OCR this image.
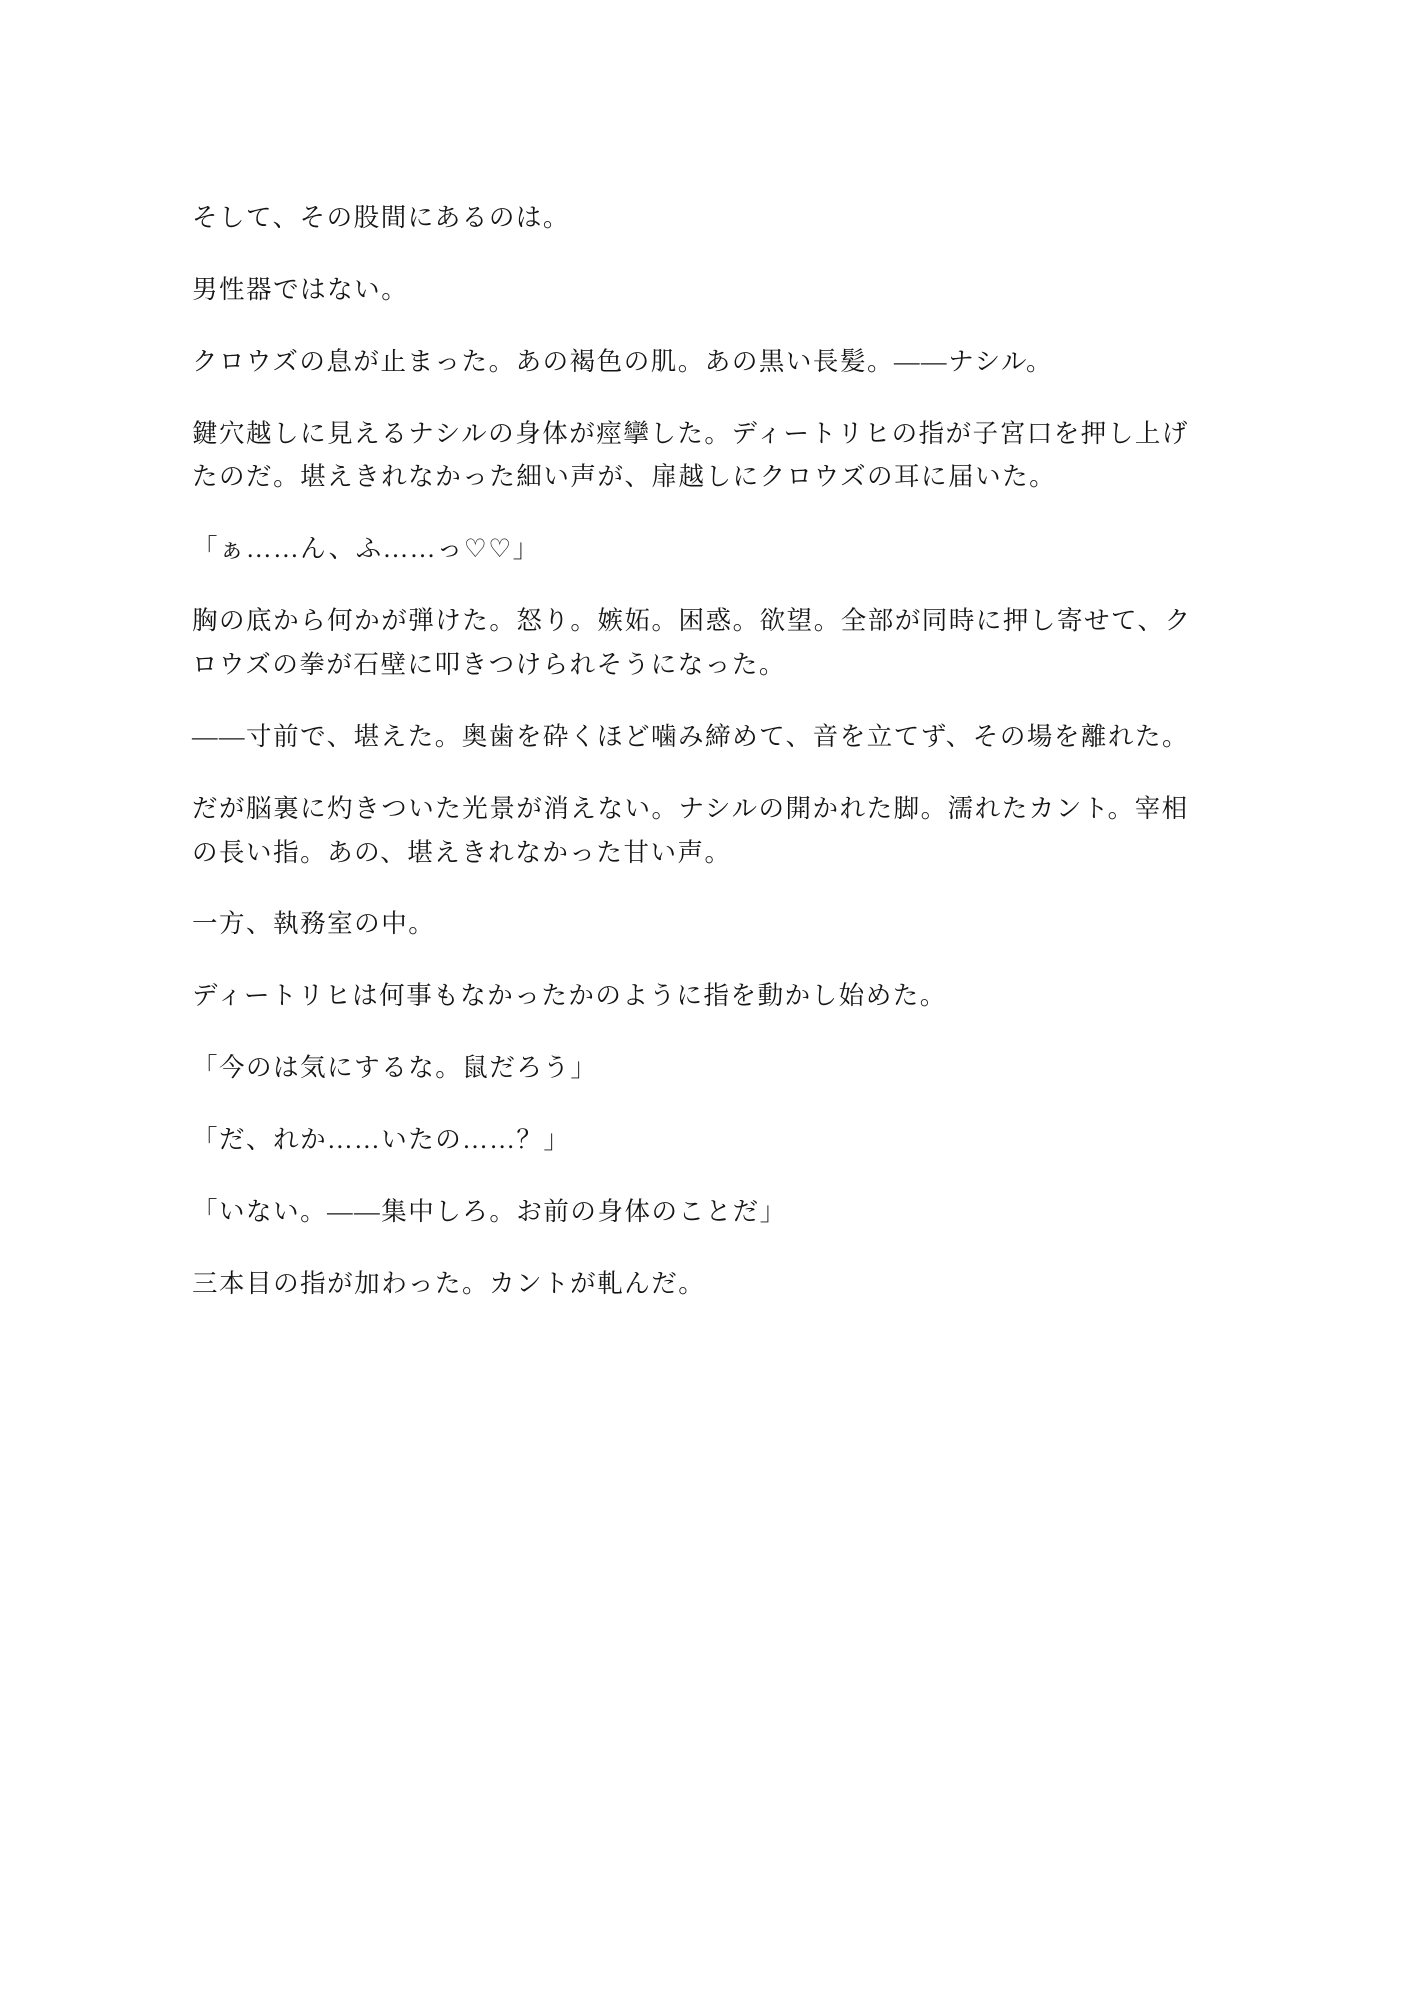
そして、その股間にあるのは。

男性器ではない。

クロウズの息が止まった。あの褐色の肌。あの黒い長髪。——ナシル。

鍵穴越しに見えるナシルの身体が痙攣した。ディートリヒの指が子宮口を押し上げたのだ。堪えきれなかった細い声が、扉越しにクロウズの耳に届いた。

「ぁ……ん、ふ……っ♡♡」

胸の底から何かが弾けた。怒り。嫉妬。困惑。欲望。全部が同時に押し寄せて、クロウズの拳が石壁に叩きつけられそうになった。

——寸前で、堪えた。奥歯を砕くほど噛み締めて、音を立てず、その場を離れた。

だが脳裏に灼きついた光景が消えない。ナシルの開かれた脚。濡れたカント。宰相の長い指。あの、堪えきれなかった甘い声。

一方、執務室の中。

ディートリヒは何事もなかったかのように指を動かし始めた。

「今のは気にするな。鼠だろう」

「だ、れか……いたの……？」

「いない。——集中しろ。お前の身体のことだ」

三本目の指が加わった。カントが軋んだ。
